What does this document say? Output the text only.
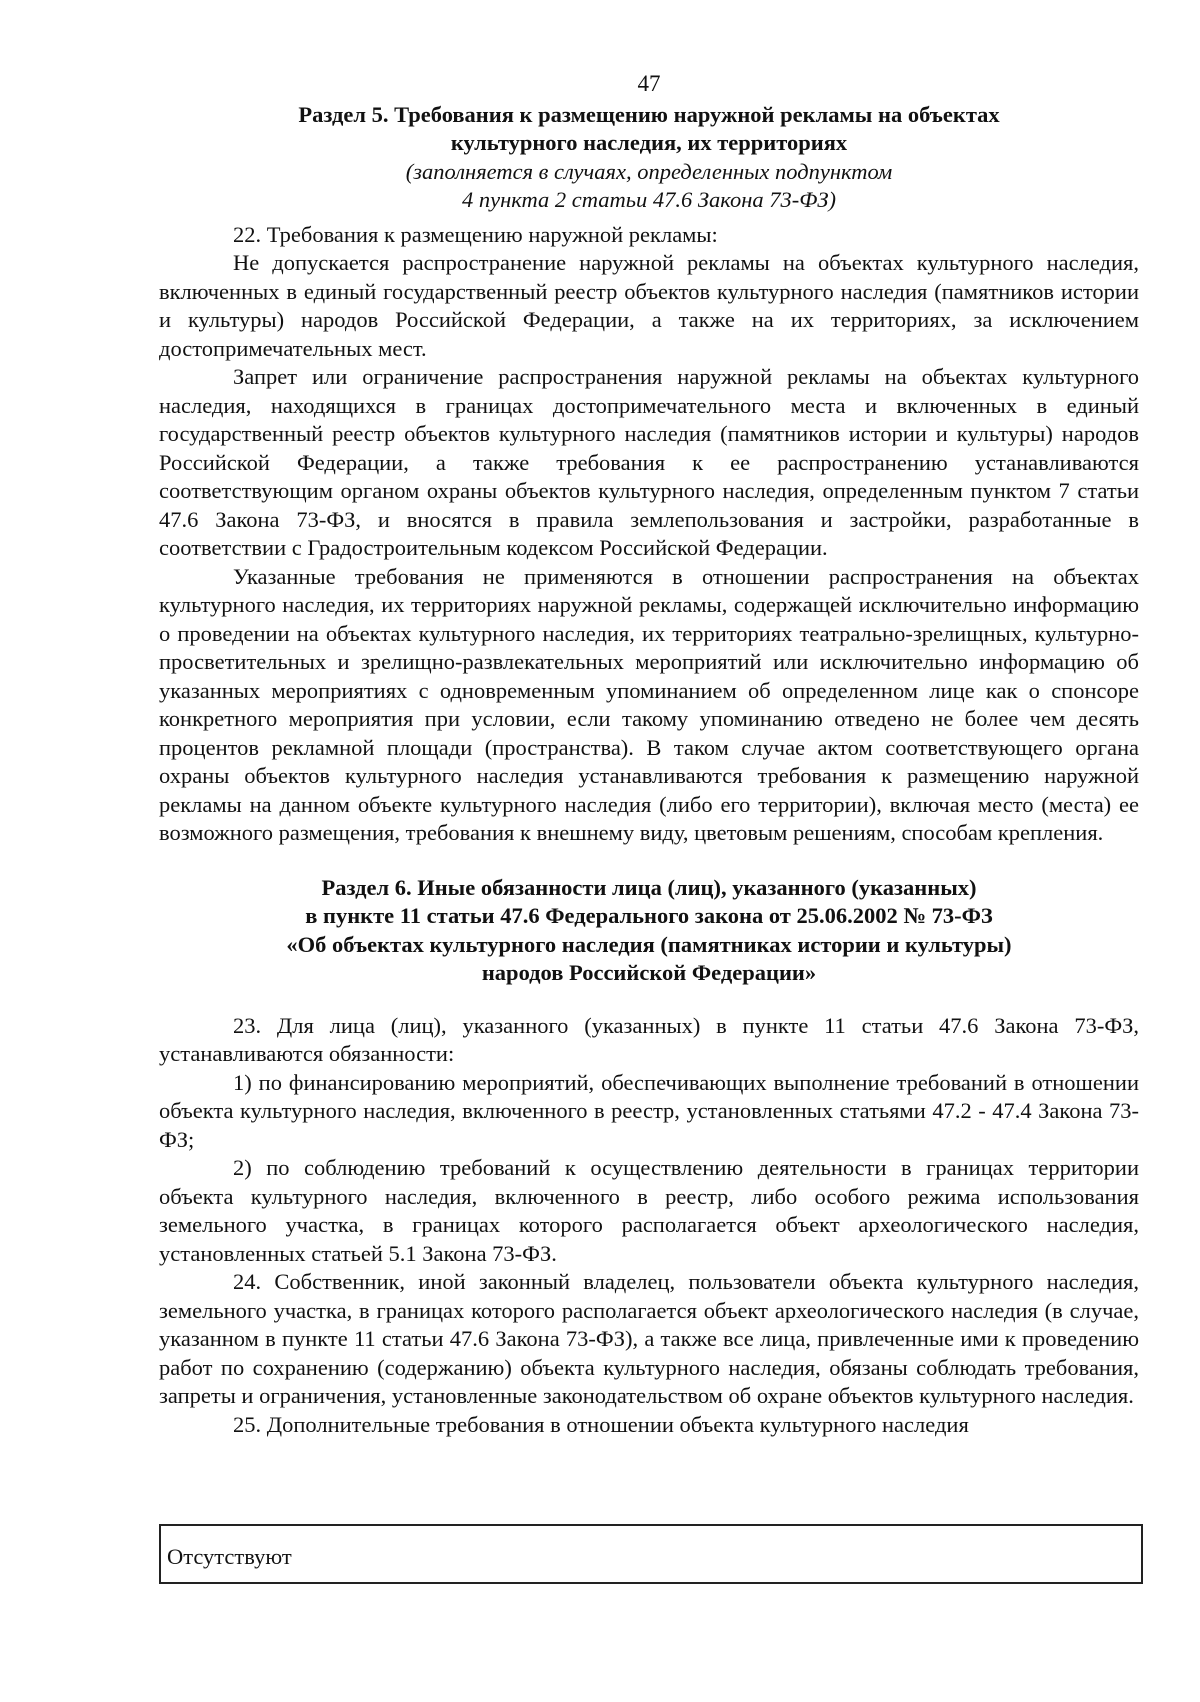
47

Раздел 5. Требования к размещению наружной рекламы на объектах

культурного наследия, их территориях

(заполняется в случаях, определенных подпунктом

4 пункта 2 статьи 47.6 Закона 73-ФЗ)

22. Требования к размещению наружной рекламы:

Не допускается распространение наружной рекламы на объектах культурного наследия, включенных в единый государственный реестр объектов культурного наследия (памятников истории и культуры) народов Российской Федерации, а также на их территориях, за исключением достопримечательных мест.

Запрет или ограничение распространения наружной рекламы на объектах культурного наследия, находящихся в границах достопримечательного места и включенных в единый государственный реестр объектов культурного наследия (памятников истории и культуры) народов Российской Федерации, а также требования к ее распространению устанавливаются соответствующим органом охраны объектов культурного наследия, определенным пунктом 7 статьи 47.6 Закона 73-ФЗ, и вносятся в правила землепользования и застройки, разработанные в соответствии с Градостроительным кодексом Российской Федерации.

Указанные требования не применяются в отношении распространения на объектах культурного наследия, их территориях наружной рекламы, содержащей исключительно информацию о проведении на объектах культурного наследия, их территориях театрально-зрелищных, культурно-просветительных и зрелищно-развлекательных мероприятий или исключительно информацию об указанных мероприятиях с одновременным упоминанием об определенном лице как о спонсоре конкретного мероприятия при условии, если такому упоминанию отведено не более чем десять процентов рекламной площади (пространства). В таком случае актом соответствующего органа охраны объектов культурного наследия устанавливаются требования к размещению наружной рекламы на данном объекте культурного наследия (либо его территории), включая место (места) ее возможного размещения, требования к внешнему виду, цветовым решениям, способам крепления.

Раздел 6. Иные обязанности лица (лиц), указанного (указанных)

в пункте 11 статьи 47.6 Федерального закона от 25.06.2002 № 73-ФЗ

«Об объектах культурного наследия (памятниках истории и культуры)

народов Российской Федерации»

23. Для лица (лиц), указанного (указанных) в пункте 11 статьи 47.6 Закона 73-ФЗ, устанавливаются обязанности:

1) по финансированию мероприятий, обеспечивающих выполнение требований в отношении объекта культурного наследия, включенного в реестр, установленных статьями 47.2 - 47.4 Закона 73-ФЗ;

2) по соблюдению требований к осуществлению деятельности в границах территории объекта культурного наследия, включенного в реестр, либо особого режима использования земельного участка, в границах которого располагается объект археологического наследия, установленных статьей 5.1 Закона 73-ФЗ.

24. Собственник, иной законный владелец, пользователи объекта культурного наследия, земельного участка, в границах которого располагается объект археологического наследия (в случае, указанном в пункте 11 статьи 47.6 Закона 73-ФЗ), а также все лица, привлеченные ими к проведению работ по сохранению (содержанию) объекта культурного наследия, обязаны соблюдать требования, запреты и ограничения, установленные законодательством об охране объектов культурного наследия.

25. Дополнительные требования в отношении объекта культурного наследия

Отсутствуют
